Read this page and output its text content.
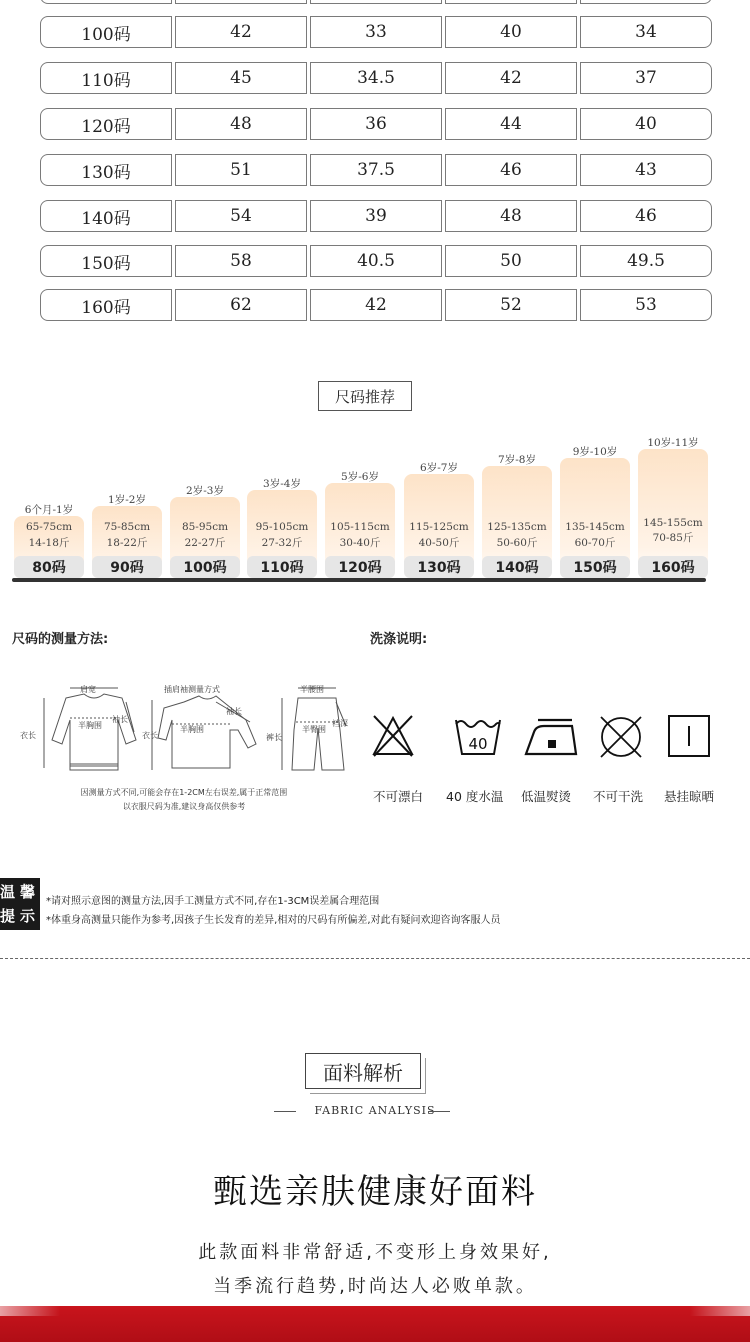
100码	42	33	40	34
110码	45	34.5	42	37
120码	48	36	44	40
130码	51	37.5	46	43
140码	54	39	48	46
150码	58	40.5	50	49.5
160码	62	42	52	53
尺码推荐
6个月-1岁
65-75cm
14-18斤
80码
1岁-2岁
75-85cm
18-22斤
90码
2岁-3岁
85-95cm
22-27斤
100码
3岁-4岁
95-105cm
27-32斤
110码
5岁-6岁
105-115cm
30-40斤
120码
6岁-7岁
115-125cm
40-50斤
130码
7岁-8岁
125-135cm
50-60斤
140码
9岁-10岁
135-145cm
60-70斤
150码
10岁-11岁
145-155cm
70-85斤
160码
尺码的测量方法:
肩宽	插肩袖测量方式	半腰围
衣长
半胸围
袖长
衣长
半胸围
袖长
裤长
半臀围
裆深
因测量方式不同,可能会存在1-2CM左右误差,属于正常范围
以衣服尺码为准,建议身高仅供参考
洗涤说明:
40
不可漂白 40 度水温 低温熨烫 不可干洗 悬挂晾晒
温馨
提示
*请对照示意图的测量方法,因手工测量方式不同,存在1-3CM误差属合理范围
*体重身高测量只能作为参考,因孩子生长发育的差异,相对的尺码有所偏差,对此有疑问欢迎咨询客服人员
面料解析
FABRIC ANALYSIS
甄选亲肤健康好面料
此款面料非常舒适,不变形上身效果好,
当季流行趋势,时尚达人必败单款。
